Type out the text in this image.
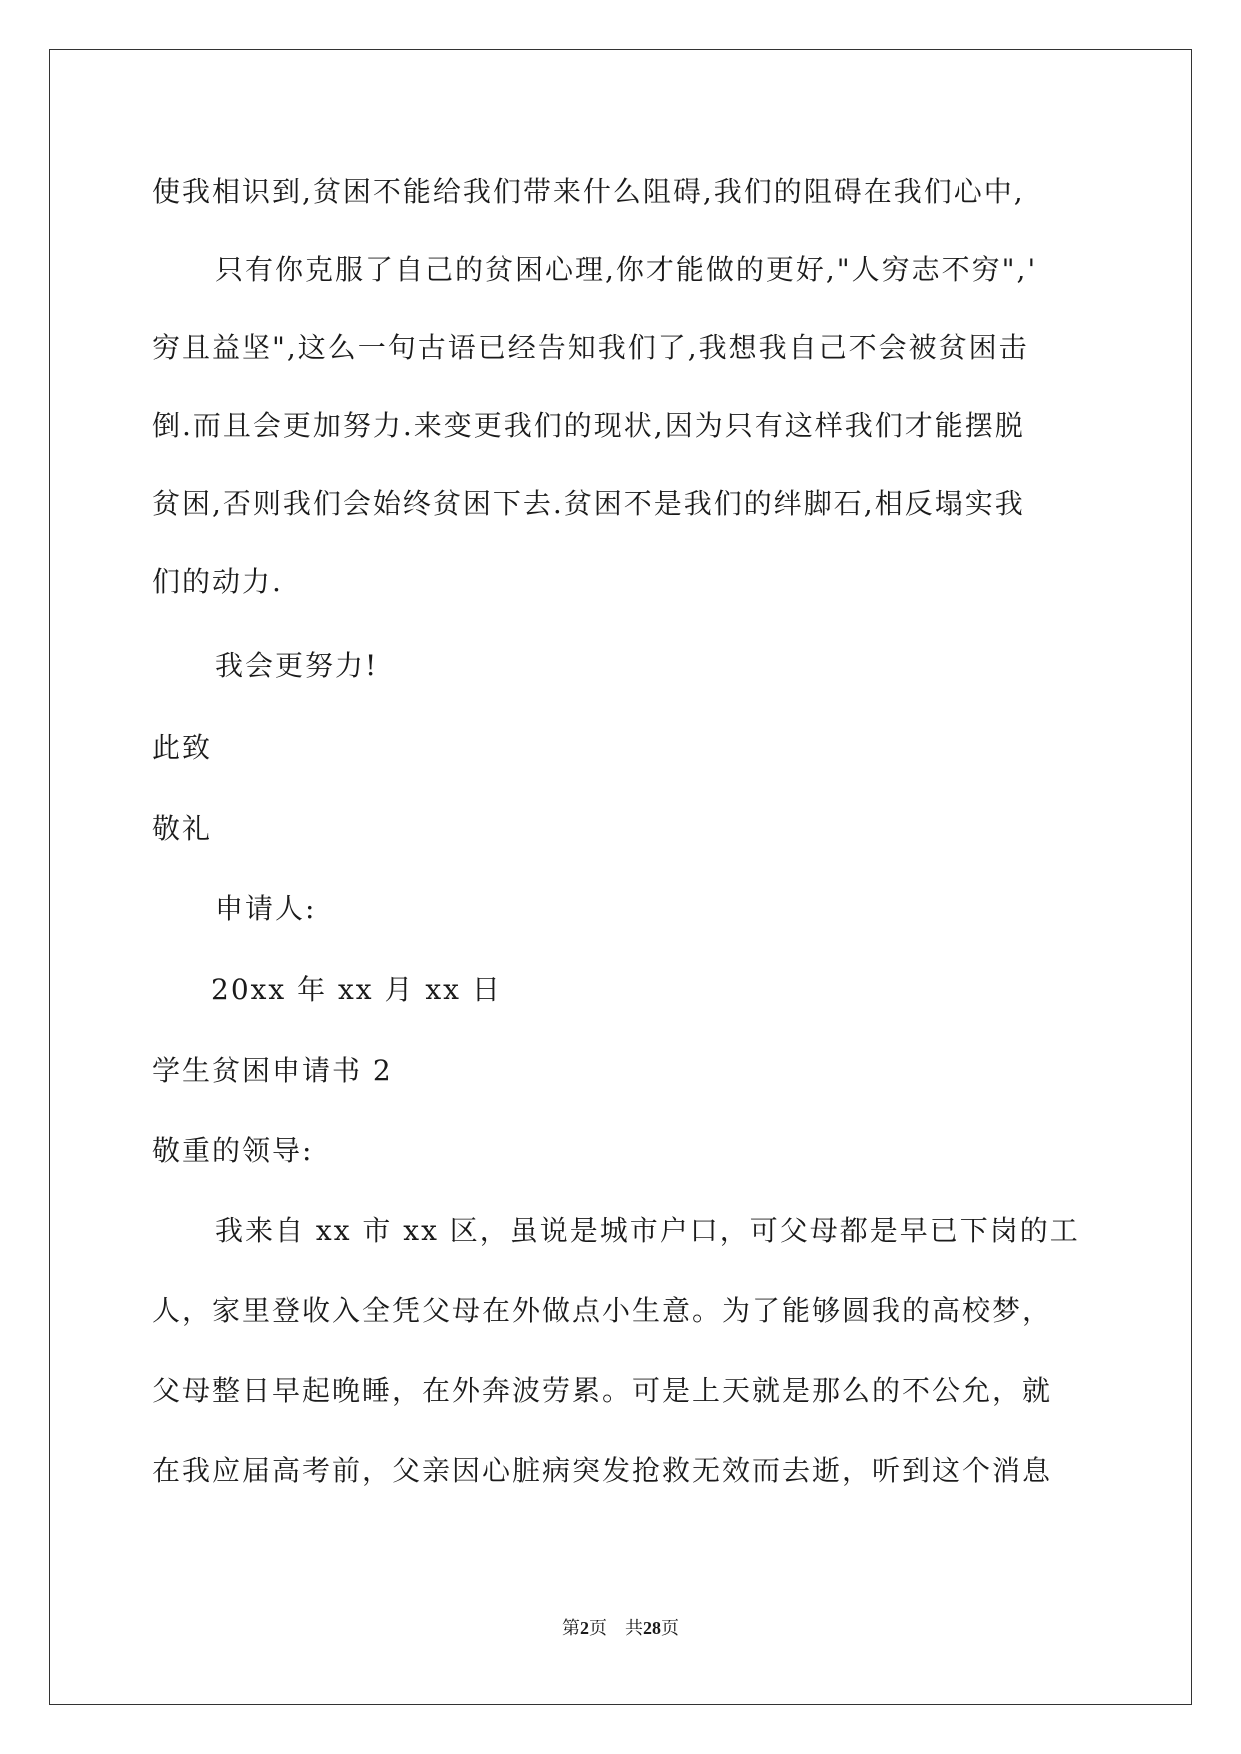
使我相识到,贫困不能给我们带来什么阻碍,我们的阻碍在我们心中,

只有你克服了自己的贫困心理,你才能做的更好,"人穷志不穷",'

穷且益坚",这么一句古语已经告知我们了,我想我自己不会被贫困击

倒.而且会更加努力.来变更我们的现状,因为只有这样我们才能摆脱

贫困,否则我们会始终贫困下去.贫困不是我们的绊脚石,相反塌实我

们的动力.

我会更努力!

此致

敬礼

申请人:

20xx 年 xx 月 xx 日

学生贫困申请书 2

敬重的领导:

我来自 xx 市 xx 区，虽说是城市户口，可父母都是早已下岗的工

人，家里登收入全凭父母在外做点小生意。为了能够圆我的高校梦，

父母整日早起晚睡，在外奔波劳累。可是上天就是那么的不公允，就

在我应届高考前，父亲因心脏病突发抢救无效而去逝，听到这个消息

第2页 共28页
